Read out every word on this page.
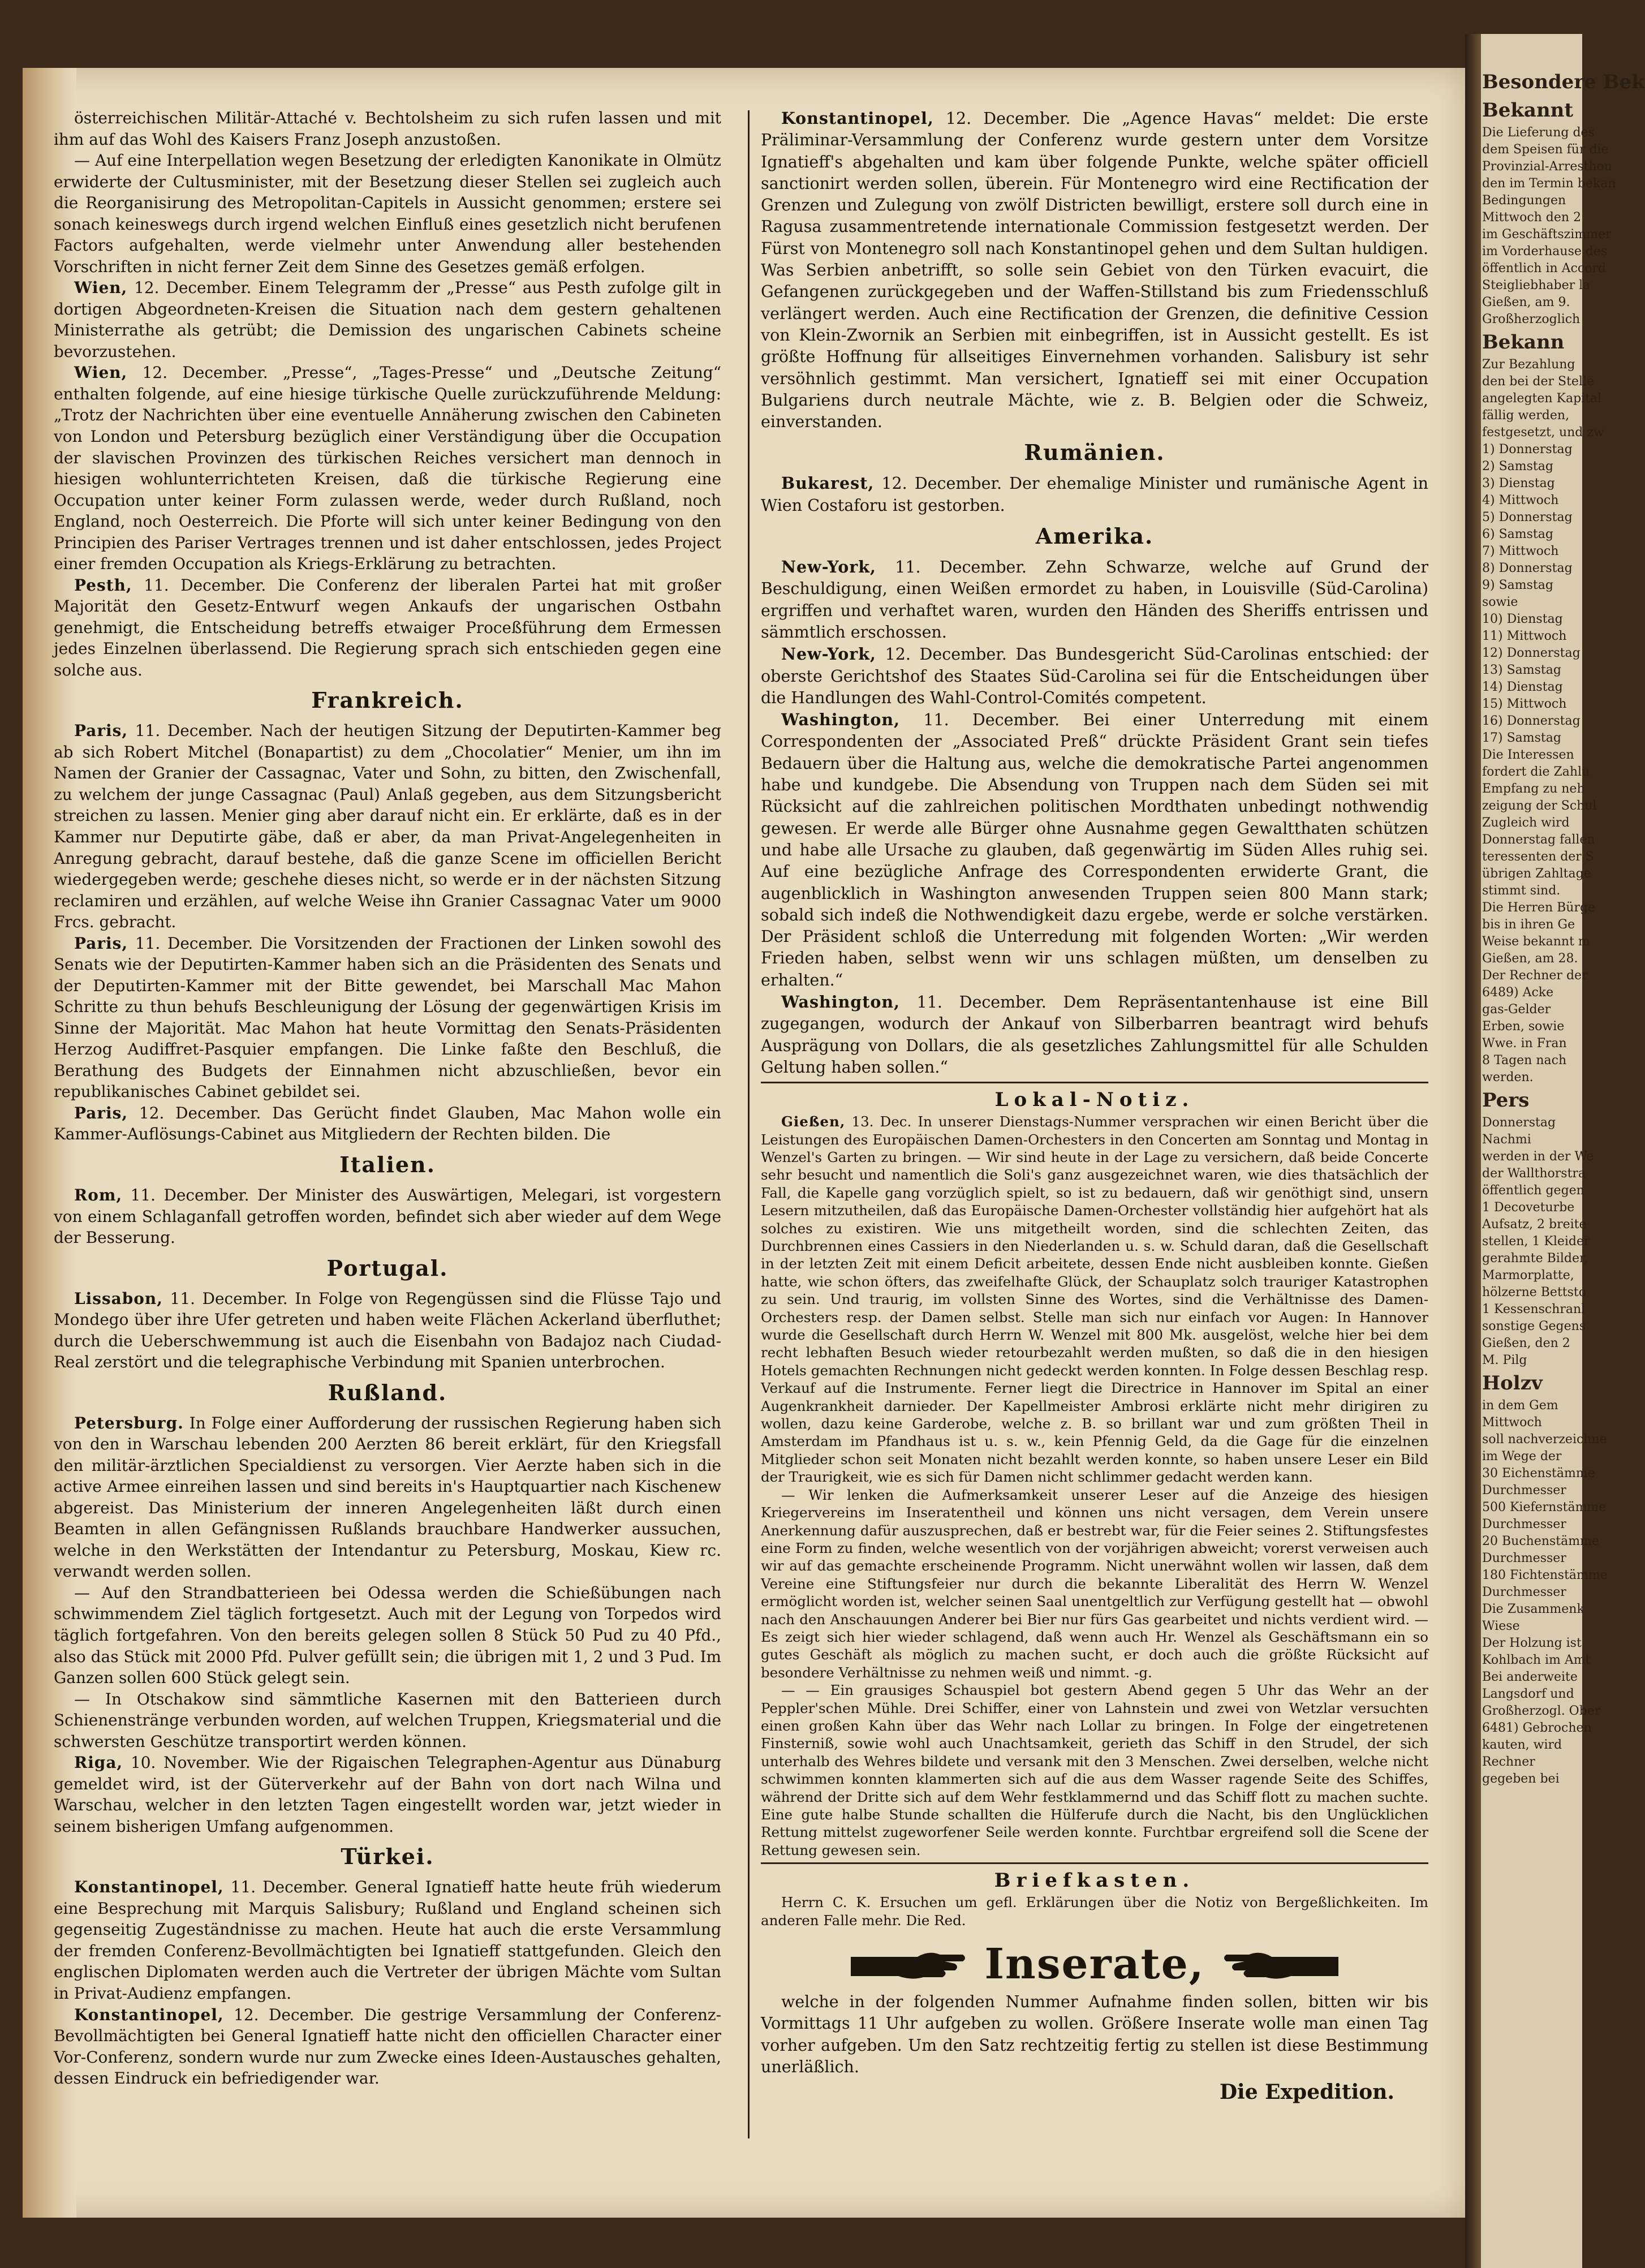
österreichischen Militär-Attaché v. Bechtolsheim zu sich rufen lassen und mit ihm auf das Wohl des Kaisers Franz Joseph anzustoßen.

— Auf eine Interpellation wegen Besetzung der erledigten Kanonikate in Olmütz erwiderte der Cultusminister, mit der Besetzung dieser Stellen sei zugleich auch die Reorganisirung des Metropolitan-Capitels in Aussicht genommen; erstere sei sonach keineswegs durch irgend welchen Einfluß eines gesetzlich nicht berufenen Factors aufgehalten, werde vielmehr unter Anwendung aller bestehenden Vorschriften in nicht ferner Zeit dem Sinne des Gesetzes gemäß erfolgen.

Wien, 12. December. Einem Telegramm der „Presse“ aus Pesth zufolge gilt in dortigen Abgeordneten-Kreisen die Situation nach dem gestern gehaltenen Ministerrathe als getrübt; die Demission des ungarischen Cabinets scheine bevorzustehen.

Wien, 12. December. „Presse“, „Tages-Presse“ und „Deutsche Zeitung“ enthalten folgende, auf eine hiesige türkische Quelle zurückzuführende Meldung: „Trotz der Nachrichten über eine eventuelle Annäherung zwischen den Cabineten von London und Petersburg bezüglich einer Verständigung über die Occupation der slavischen Provinzen des türkischen Reiches versichert man dennoch in hiesigen wohlunterrichteten Kreisen, daß die türkische Regierung eine Occupation unter keiner Form zulassen werde, weder durch Rußland, noch England, noch Oesterreich. Die Pforte will sich unter keiner Bedingung von den Principien des Pariser Vertrages trennen und ist daher entschlossen, jedes Project einer fremden Occupation als Kriegs-Erklärung zu betrachten.

Pesth, 11. December. Die Conferenz der liberalen Partei hat mit großer Majorität den Gesetz-Entwurf wegen Ankaufs der ungarischen Ostbahn genehmigt, die Entscheidung betreffs etwaiger Proceßführung dem Ermessen jedes Einzelnen überlassend. Die Regierung sprach sich entschieden gegen eine solche aus.

Frankreich.

Paris, 11. December. Nach der heutigen Sitzung der Deputirten-Kammer beg ab sich Robert Mitchel (Bonapartist) zu dem „Chocolatier“ Menier, um ihn im Namen der Granier der Cassagnac, Vater und Sohn, zu bitten, den Zwischenfall, zu welchem der junge Cassagnac (Paul) Anlaß gegeben, aus dem Sitzungsbericht streichen zu lassen. Menier ging aber darauf nicht ein. Er erklärte, daß es in der Kammer nur Deputirte gäbe, daß er aber, da man Privat-Angelegenheiten in Anregung gebracht, darauf bestehe, daß die ganze Scene im officiellen Bericht wiedergegeben werde; geschehe dieses nicht, so werde er in der nächsten Sitzung reclamiren und erzählen, auf welche Weise ihn Granier Cassagnac Vater um 9000 Frcs. gebracht.

Paris, 11. December. Die Vorsitzenden der Fractionen der Linken sowohl des Senats wie der Deputirten-Kammer haben sich an die Präsidenten des Senats und der Deputirten-Kammer mit der Bitte gewendet, bei Marschall Mac Mahon Schritte zu thun behufs Beschleunigung der Lösung der gegenwärtigen Krisis im Sinne der Majorität. Mac Mahon hat heute Vormittag den Senats-Präsidenten Herzog Audiffret-Pasquier empfangen. Die Linke faßte den Beschluß, die Berathung des Budgets der Einnahmen nicht abzuschließen, bevor ein republikanisches Cabinet gebildet sei.

Paris, 12. December. Das Gerücht findet Glauben, Mac Mahon wolle ein Kammer-Auflösungs-Cabinet aus Mitgliedern der Rechten bilden. Die

Italien.

Rom, 11. December. Der Minister des Auswärtigen, Melegari, ist vorgestern von einem Schlaganfall getroffen worden, befindet sich aber wieder auf dem Wege der Besserung.

Portugal.

Lissabon, 11. December. In Folge von Regengüssen sind die Flüsse Tajo und Mondego über ihre Ufer getreten und haben weite Flächen Ackerland überfluthet; durch die Ueberschwemmung ist auch die Eisenbahn von Badajoz nach Ciudad-Real zerstört und die telegraphische Verbindung mit Spanien unterbrochen.

Rußland.

Petersburg. In Folge einer Aufforderung der russischen Regierung haben sich von den in Warschau lebenden 200 Aerzten 86 bereit erklärt, für den Kriegsfall den militär-ärztlichen Specialdienst zu versorgen. Vier Aerzte haben sich in die active Armee einreihen lassen und sind bereits in's Hauptquartier nach Kischenew abgereist. Das Ministerium der inneren Angelegenheiten läßt durch einen Beamten in allen Gefängnissen Rußlands brauchbare Handwerker aussuchen, welche in den Werkstätten der Intendantur zu Petersburg, Moskau, Kiew rc. verwandt werden sollen.

— Auf den Strandbatterieen bei Odessa werden die Schießübungen nach schwimmendem Ziel täglich fortgesetzt. Auch mit der Legung von Torpedos wird täglich fortgefahren. Von den bereits gelegen sollen 8 Stück 50 Pud zu 40 Pfd., also das Stück mit 2000 Pfd. Pulver gefüllt sein; die übrigen mit 1, 2 und 3 Pud. Im Ganzen sollen 600 Stück gelegt sein.

— In Otschakow sind sämmtliche Kasernen mit den Batterieen durch Schienenstränge verbunden worden, auf welchen Truppen, Kriegsmaterial und die schwersten Geschütze transportirt werden können.

Riga, 10. November. Wie der Rigaischen Telegraphen-Agentur aus Dünaburg gemeldet wird, ist der Güterverkehr auf der Bahn von dort nach Wilna und Warschau, welcher in den letzten Tagen eingestellt worden war, jetzt wieder in seinem bisherigen Umfang aufgenommen.

Türkei.

Konstantinopel, 11. December. General Ignatieff hatte heute früh wiederum eine Besprechung mit Marquis Salisbury; Rußland und England scheinen sich gegenseitig Zugeständnisse zu machen. Heute hat auch die erste Versammlung der fremden Conferenz-Bevollmächtigten bei Ignatieff stattgefunden. Gleich den englischen Diplomaten werden auch die Vertreter der übrigen Mächte vom Sultan in Privat-Audienz empfangen.

Konstantinopel, 12. December. Die gestrige Versammlung der Conferenz-Bevollmächtigten bei General Ignatieff hatte nicht den officiellen Character einer Vor-Conferenz, sondern wurde nur zum Zwecke eines Ideen-Austausches gehalten, dessen Eindruck ein befriedigender war.

Konstantinopel, 12. December. Die „Agence Havas“ meldet: Die erste Präliminar-Versammlung der Conferenz wurde gestern unter dem Vorsitze Ignatieff's abgehalten und kam über folgende Punkte, welche später officiell sanctionirt werden sollen, überein. Für Montenegro wird eine Rectification der Grenzen und Zulegung von zwölf Districten bewilligt, erstere soll durch eine in Ragusa zusammentretende internationale Commission festgesetzt werden. Der Fürst von Montenegro soll nach Konstantinopel gehen und dem Sultan huldigen. Was Serbien anbetrifft, so solle sein Gebiet von den Türken evacuirt, die Gefangenen zurückgegeben und der Waffen-Stillstand bis zum Friedensschluß verlängert werden. Auch eine Rectification der Grenzen, die definitive Cession von Klein-Zwornik an Serbien mit einbegriffen, ist in Aussicht gestellt. Es ist größte Hoffnung für allseitiges Einvernehmen vorhanden. Salisbury ist sehr versöhnlich gestimmt. Man versichert, Ignatieff sei mit einer Occupation Bulgariens durch neutrale Mächte, wie z. B. Belgien oder die Schweiz, einverstanden.

Rumänien.

Bukarest, 12. December. Der ehemalige Minister und rumänische Agent in Wien Costaforu ist gestorben.

Amerika.

New-York, 11. December. Zehn Schwarze, welche auf Grund der Beschuldigung, einen Weißen ermordet zu haben, in Louisville (Süd-Carolina) ergriffen und verhaftet waren, wurden den Händen des Sheriffs entrissen und sämmtlich erschossen.

New-York, 12. December. Das Bundesgericht Süd-Carolinas entschied: der oberste Gerichtshof des Staates Süd-Carolina sei für die Entscheidungen über die Handlungen des Wahl-Control-Comités competent.

Washington, 11. December. Bei einer Unterredung mit einem Correspondenten der „Associated Preß“ drückte Präsident Grant sein tiefes Bedauern über die Haltung aus, welche die demokratische Partei angenommen habe und kundgebe. Die Absendung von Truppen nach dem Süden sei mit Rücksicht auf die zahlreichen politischen Mordthaten unbedingt nothwendig gewesen. Er werde alle Bürger ohne Ausnahme gegen Gewaltthaten schützen und habe alle Ursache zu glauben, daß gegenwärtig im Süden Alles ruhig sei. Auf eine bezügliche Anfrage des Correspondenten erwiderte Grant, die augenblicklich in Washington anwesenden Truppen seien 800 Mann stark; sobald sich indeß die Nothwendigkeit dazu ergebe, werde er solche verstärken. Der Präsident schloß die Unterredung mit folgenden Worten: „Wir werden Frieden haben, selbst wenn wir uns schlagen müßten, um denselben zu erhalten.“

Washington, 11. December. Dem Repräsentantenhause ist eine Bill zugegangen, wodurch der Ankauf von Silberbarren beantragt wird behufs Ausprägung von Dollars, die als gesetzliches Zahlungsmittel für alle Schulden Geltung haben sollen.“

Lokal-Notiz.

Gießen, 13. Dec. In unserer Dienstags-Nummer versprachen wir einen Bericht über die Leistungen des Europäischen Damen-Orchesters in den Concerten am Sonntag und Montag in Wenzel's Garten zu bringen. — Wir sind heute in der Lage zu versichern, daß beide Concerte sehr besucht und namentlich die Soli's ganz ausgezeichnet waren, wie dies thatsächlich der Fall, die Kapelle gang vorzüglich spielt, so ist zu bedauern, daß wir genöthigt sind, unsern Lesern mitzutheilen, daß das Europäische Damen-Orchester vollständig hier aufgehört hat als solches zu existiren. Wie uns mitgetheilt worden, sind die schlechten Zeiten, das Durchbrennen eines Cassiers in den Niederlanden u. s. w. Schuld daran, daß die Gesellschaft in der letzten Zeit mit einem Deficit arbeitete, dessen Ende nicht ausbleiben konnte. Gießen hatte, wie schon öfters, das zweifelhafte Glück, der Schauplatz solch trauriger Katastrophen zu sein. Und traurig, im vollsten Sinne des Wortes, sind die Verhältnisse des Damen-Orchesters resp. der Damen selbst. Stelle man sich nur einfach vor Augen: In Hannover wurde die Gesellschaft durch Herrn W. Wenzel mit 800 Mk. ausgelöst, welche hier bei dem recht lebhaften Besuch wieder retourbezahlt werden mußten, so daß die in den hiesigen Hotels gemachten Rechnungen nicht gedeckt werden konnten. In Folge dessen Beschlag resp. Verkauf auf die Instrumente. Ferner liegt die Directrice in Hannover im Spital an einer Augenkrankheit darnieder. Der Kapellmeister Ambrosi erklärte nicht mehr dirigiren zu wollen, dazu keine Garderobe, welche z. B. so brillant war und zum größten Theil in Amsterdam im Pfandhaus ist u. s. w., kein Pfennig Geld, da die Gage für die einzelnen Mitglieder schon seit Monaten nicht bezahlt werden konnte, so haben unsere Leser ein Bild der Traurigkeit, wie es sich für Damen nicht schlimmer gedacht werden kann.

— Wir lenken die Aufmerksamkeit unserer Leser auf die Anzeige des hiesigen Kriegervereins im Inseratentheil und können uns nicht versagen, dem Verein unsere Anerkennung dafür auszusprechen, daß er bestrebt war, für die Feier seines 2. Stiftungsfestes eine Form zu finden, welche wesentlich von der vorjährigen abweicht; vorerst verweisen auch wir auf das gemachte erscheinende Programm. Nicht unerwähnt wollen wir lassen, daß dem Vereine eine Stiftungsfeier nur durch die bekannte Liberalität des Herrn W. Wenzel ermöglicht worden ist, welcher seinen Saal unentgeltlich zur Verfügung gestellt hat — obwohl nach den Anschauungen Anderer bei Bier nur fürs Gas gearbeitet und nichts verdient wird. — Es zeigt sich hier wieder schlagend, daß wenn auch Hr. Wenzel als Geschäftsmann ein so gutes Geschäft als möglich zu machen sucht, er doch auch die größte Rücksicht auf besondere Verhältnisse zu nehmen weiß und nimmt. -g.

— — Ein grausiges Schauspiel bot gestern Abend gegen 5 Uhr das Wehr an der Peppler'schen Mühle. Drei Schiffer, einer von Lahnstein und zwei von Wetzlar versuchten einen großen Kahn über das Wehr nach Lollar zu bringen. In Folge der eingetretenen Finsterniß, sowie wohl auch Unachtsamkeit, gerieth das Schiff in den Strudel, der sich unterhalb des Wehres bildete und versank mit den 3 Menschen. Zwei derselben, welche nicht schwimmen konnten klammerten sich auf die aus dem Wasser ragende Seite des Schiffes, während der Dritte sich auf dem Wehr festklammernd und das Schiff flott zu machen suchte. Eine gute halbe Stunde schallten die Hülferufe durch die Nacht, bis den Unglücklichen Rettung mittelst zugeworfener Seile werden konnte. Furchtbar ergreifend soll die Scene der Rettung gewesen sein.

Briefkasten.

Herrn C. K. Ersuchen um gefl. Erklärungen über die Notiz von Bergeßlichkeiten. Im anderen Falle mehr. Die Red.

Inserate,

welche in der folgenden Nummer Aufnahme finden sollen, bitten wir bis Vormittags 11 Uhr aufgeben zu wollen. Größere Inserate wolle man einen Tag vorher aufgeben. Um den Satz rechtzeitig fertig zu stellen ist diese Bestimmung unerläßlich.

Die Expedition.
Besondere Bek
Bekannt
Die Lieferung des
dem Speisen für die
Provinzial-Arresthou
den im Termin bekan
Bedingungen
Mittwoch den 2
im Geschäftszimmer
im Vorderhause des
öffentlich in Accord
Steigliebhaber la
Gießen, am 9.
Großherzoglich
Bekann
Zur Bezahlung
den bei der Stelle
angelegten Kapital
fällig werden,
festgesetzt, und zw
1) Donnerstag
2) Samstag
3) Dienstag
4) Mittwoch
5) Donnerstag
6) Samstag
7) Mittwoch
8) Donnerstag
9) Samstag
sowie
10) Dienstag
11) Mittwoch
12) Donnerstag
13) Samstag
14) Dienstag
15) Mittwoch
16) Donnerstag
17) Samstag
Die Interessen
fordert die Zahlu
Empfang zu neh
zeigung der Schul
Zugleich wird
Donnerstag fallen
teressenten der S
übrigen Zahltage
stimmt sind.
Die Herren Bürge
bis in ihren Ge
Weise bekannt m
Gießen, am 28.
Der Rechner der
6489) Acke
gas-Gelder
Erben, sowie
Wwe. in Fran
8 Tagen nach
werden.
Pers
Donnerstag
Nachmi
werden in der We
der Wallthorstra
öffentlich gegen
1 Decoveturbe
Aufsatz, 2 breite
stellen, 1 Kleider
gerahmte Bilder,
Marmorplatte,
hölzerne Bettsto
1 Kessenschranl
sonstige Gegens
Gießen, den 2
M. Pilg
Holzv
in dem Gem
Mittwoch
soll nachverzeichne
im Wege der
30 Eichenstämme
Durchmesser
500 Kiefernstämme
Durchmesser
20 Buchenstämme
Durchmesser
180 Fichtenstämme
Durchmesser
Die Zusammenk
Wiese
Der Holzung ist
Kohlbach im Amt
Bei anderweite
Langsdorf und
Großherzogl. Ober
6481) Gebrochen
kauten, wird
Rechner
gegeben bei
